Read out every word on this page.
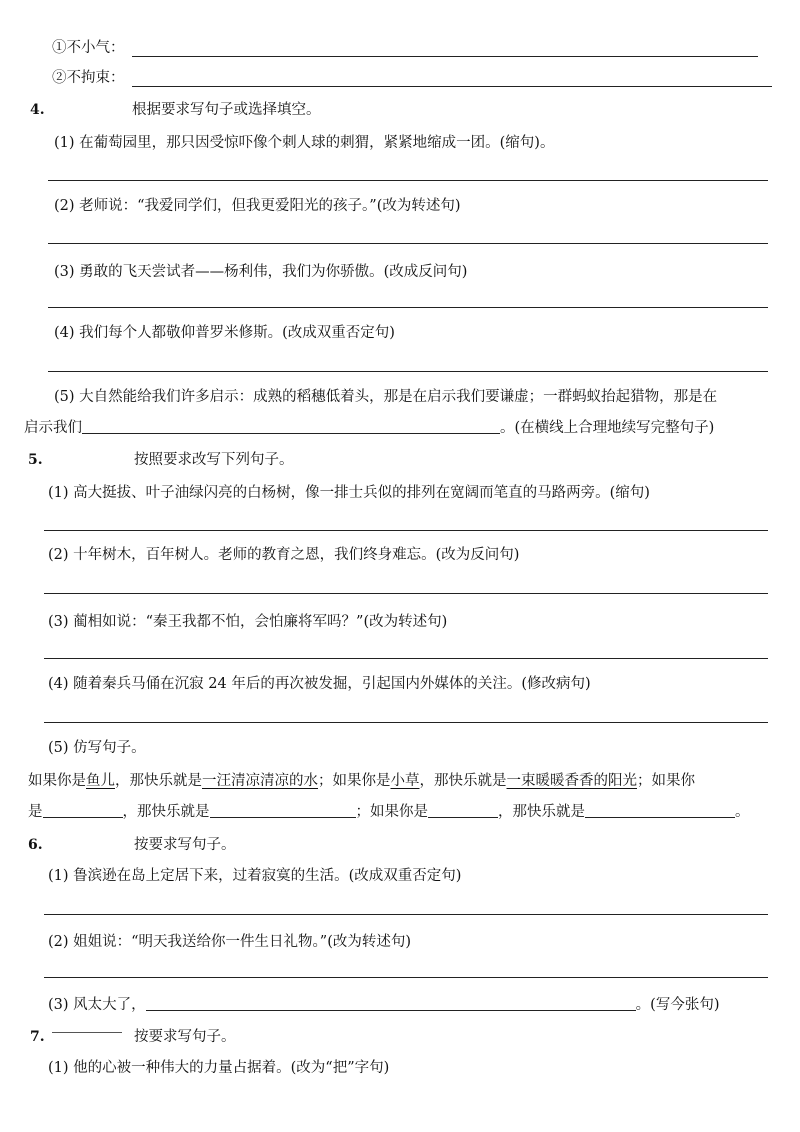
①不小气：
②不拘束：
4.	根据要求写句子或选择填空。
(1) 在葡萄园里，那只因受惊吓像个刺人球的刺猬，紧紧地缩成一团。(缩句)。
(2) 老师说：“我爱同学们，但我更爱阳光的孩子。”(改为转述句)
(3) 勇敢的飞天尝试者——杨利伟，我们为你骄傲。(改成反问句)
(4) 我们每个人都敬仰普罗米修斯。(改成双重否定句)
(5) 大自然能给我们许多启示：成熟的稻穗低着头，那是在启示我们要谦虚；一群蚂蚁抬起猎物，那是在
启示我们	。(在横线上合理地续写完整句子)
5.	按照要求改写下列句子。
(1) 高大挺拔、叶子油绿闪亮的白杨树，像一排士兵似的排列在宽阔而笔直的马路两旁。(缩句)
(2) 十年树木，百年树人。老师的教育之恩，我们终身难忘。(改为反问句)
(3) 蔺相如说：“秦王我都不怕，会怕廉将军吗？”(改为转述句)
(4) 随着秦兵马俑在沉寂 24 年后的再次被发掘，引起国内外媒体的关注。(修改病句)
(5) 仿写句子。
如果你是鱼儿，那快乐就是一汪清凉清凉的水；如果你是小草，那快乐就是一束暖暖香香的阳光；如果你
是	，那快乐就是	；如果你是	，那快乐就是	。
6.	按要求写句子。
(1) 鲁滨逊在岛上定居下来，过着寂寞的生活。(改成双重否定句)
(2) 姐姐说：“明天我送给你一件生日礼物。”(改为转述句)
(3) 风太大了，	。(写今张句)
7.	按要求写句子。
(1) 他的心被一种伟大的力量占据着。(改为“把”字句)
